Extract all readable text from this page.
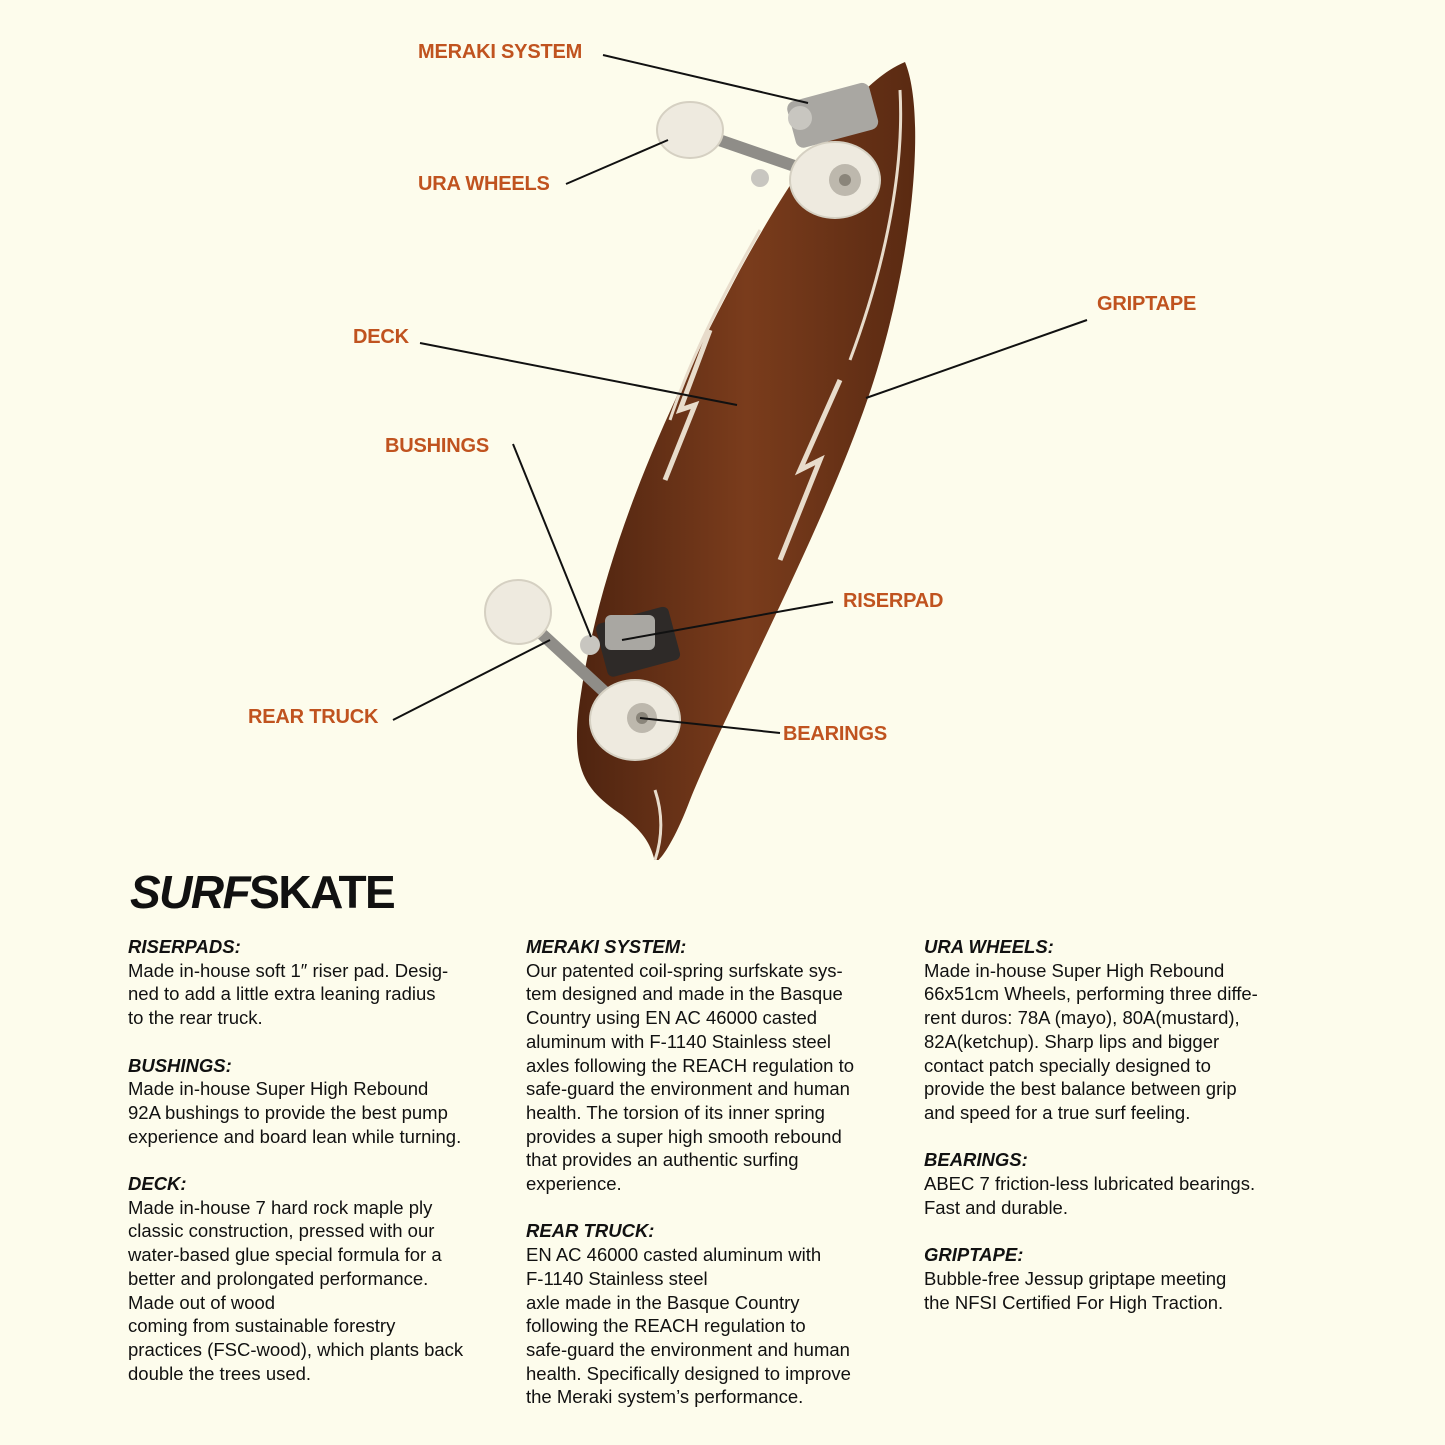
MERAKI SYSTEM
URA WHEELS
DECK
GRIPTAPE
BUSHINGS
RISERPAD
REAR TRUCK
BEARINGS
SURFSKATE
RISERPADS:

Made in-house soft 1″ riser pad. Desig-
ned to add a little extra leaning radius
to the rear truck.

BUSHINGS:

Made in-house Super High Rebound
92A bushings to provide the best pump
experience and board lean while turning.

DECK:

Made in-house 7 hard rock maple ply
classic construction, pressed with our
water-based glue special formula for a
better and prolongated performance.
Made out of wood
coming from sustainable forestry
practices (FSC-wood), which plants back
double the trees used.

MERAKI SYSTEM:

Our patented coil-spring surfskate sys-
tem designed and made in the Basque
Country using EN AC 46000 casted
aluminum with F-1140 Stainless steel
axles following the REACH regulation to
safe-guard the environment and human
health. The torsion of its inner spring
provides a super high smooth rebound
that provides an authentic surfing
experience.

REAR TRUCK:

EN AC 46000 casted aluminum with
F-1140 Stainless steel
axle made in the Basque Country
following the REACH regulation to
safe-guard the environment and human
health. Specifically designed to improve
the Meraki system’s performance.

URA WHEELS:

Made in-house Super High Rebound
66x51cm Wheels, performing three diffe-
rent duros: 78A (mayo), 80A(mustard),
82A(ketchup). Sharp lips and bigger
contact patch specially designed to
provide the best balance between grip
and speed for a true surf feeling.

BEARINGS:

ABEC 7 friction-less lubricated bearings.
Fast and durable.

GRIPTAPE:

Bubble-free Jessup griptape meeting
the NFSI Certified For High Traction.
